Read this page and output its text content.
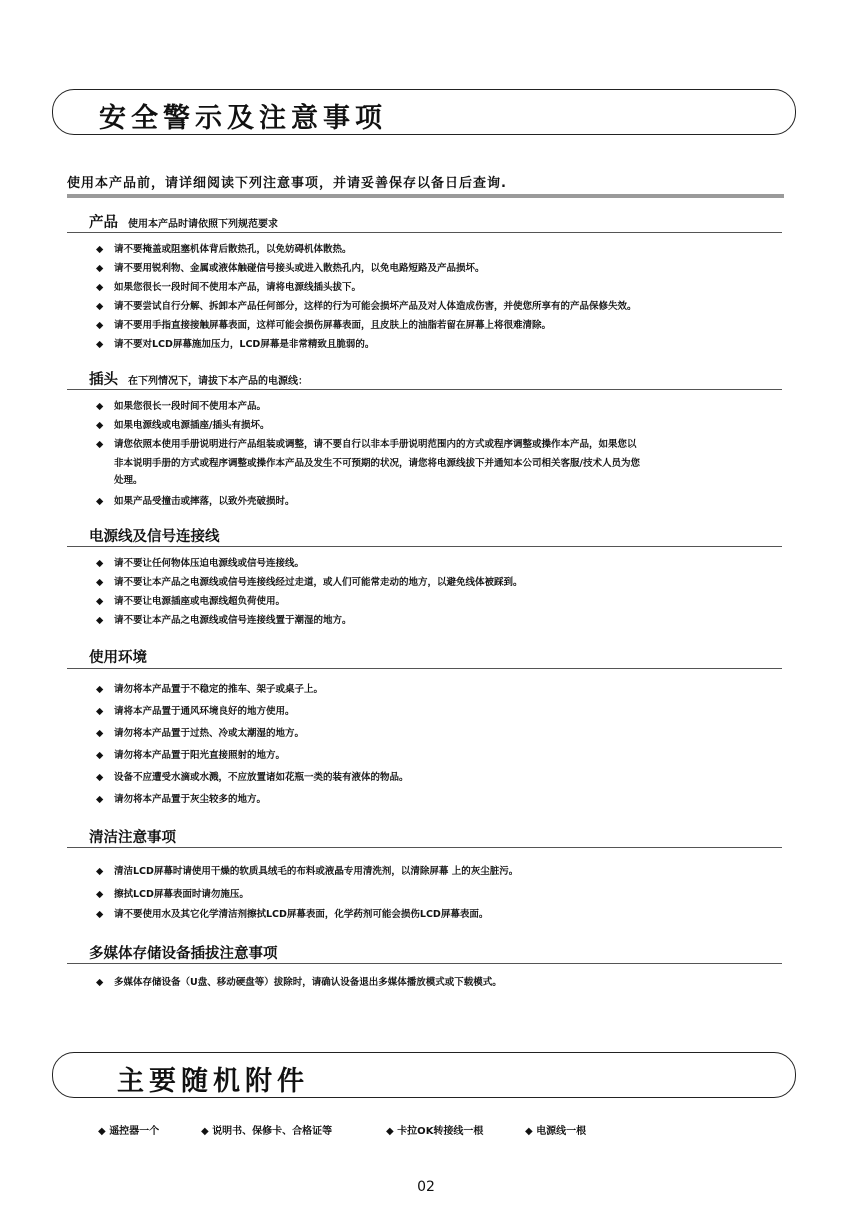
安全警示及注意事项
使用本产品前，请详细阅读下列注意事项，并请妥善保存以备日后查询.
产品 使用本产品时请依照下列规范要求
◆ 请不要掩盖或阻塞机体背后散热孔，以免妨碍机体散热。
◆ 请不要用锐利物、金属或液体触碰信号接头或进入散热孔内，以免电路短路及产品损坏。
◆ 如果您很长一段时间不使用本产品，请将电源线插头拔下。
◆ 请不要尝试自行分解、拆卸本产品任何部分，这样的行为可能会损坏产品及对人体造成伤害，并使您所享有的产品保修失效。
◆ 请不要用手指直接接触屏幕表面，这样可能会损伤屏幕表面，且皮肤上的油脂若留在屏幕上将很难清除。
◆ 请不要对LCD屏幕施加压力，LCD屏幕是非常精致且脆弱的。
插头 在下列情况下，请拔下本产品的电源线：
◆ 如果您很长一段时间不使用本产品。
◆ 如果电源线或电源插座/插头有损坏。
◆ 请您依照本使用手册说明进行产品组装或调整，请不要自行以非本手册说明范围内的方式或程序调整或操作本产品，如果您以
非本说明手册的方式或程序调整或操作本产品及发生不可预期的状况，请您将电源线拔下并通知本公司相关客服/技术人员为您
处理。
◆ 如果产品受撞击或摔落，以致外壳破损时。
电源线及信号连接线
◆ 请不要让任何物体压迫电源线或信号连接线。
◆ 请不要让本产品之电源线或信号连接线经过走道，或人们可能常走动的地方，以避免线体被踩到。
◆ 请不要让电源插座或电源线超负荷使用。
◆ 请不要让本产品之电源线或信号连接线置于潮湿的地方。
使用环境
◆ 请勿将本产品置于不稳定的推车、架子或桌子上。
◆ 请将本产品置于通风环境良好的地方使用。
◆ 请勿将本产品置于过热、冷或太潮湿的地方。
◆ 请勿将本产品置于阳光直接照射的地方。
◆ 设备不应遭受水滴或水溅，不应放置诸如花瓶一类的装有液体的物品。
◆ 请勿将本产品置于灰尘较多的地方。
清洁注意事项
◆ 清洁LCD屏幕时请使用干燥的软质具绒毛的布料或液晶专用清洗剂，以清除屏幕 上的灰尘脏污。
◆ 擦拭LCD屏幕表面时请勿施压。
◆ 请不要使用水及其它化学清洁剂擦拭LCD屏幕表面，化学药剂可能会损伤LCD屏幕表面。
多媒体存储设备插拔注意事项
◆ 多媒体存储设备（U盘、移动硬盘等）拔除时，请确认设备退出多媒体播放模式或下载模式。
主要随机附件
◆ 遥控器一个	◆ 说明书、保修卡、合格证等	◆ 卡拉OK转接线一根	◆ 电源线一根
02
